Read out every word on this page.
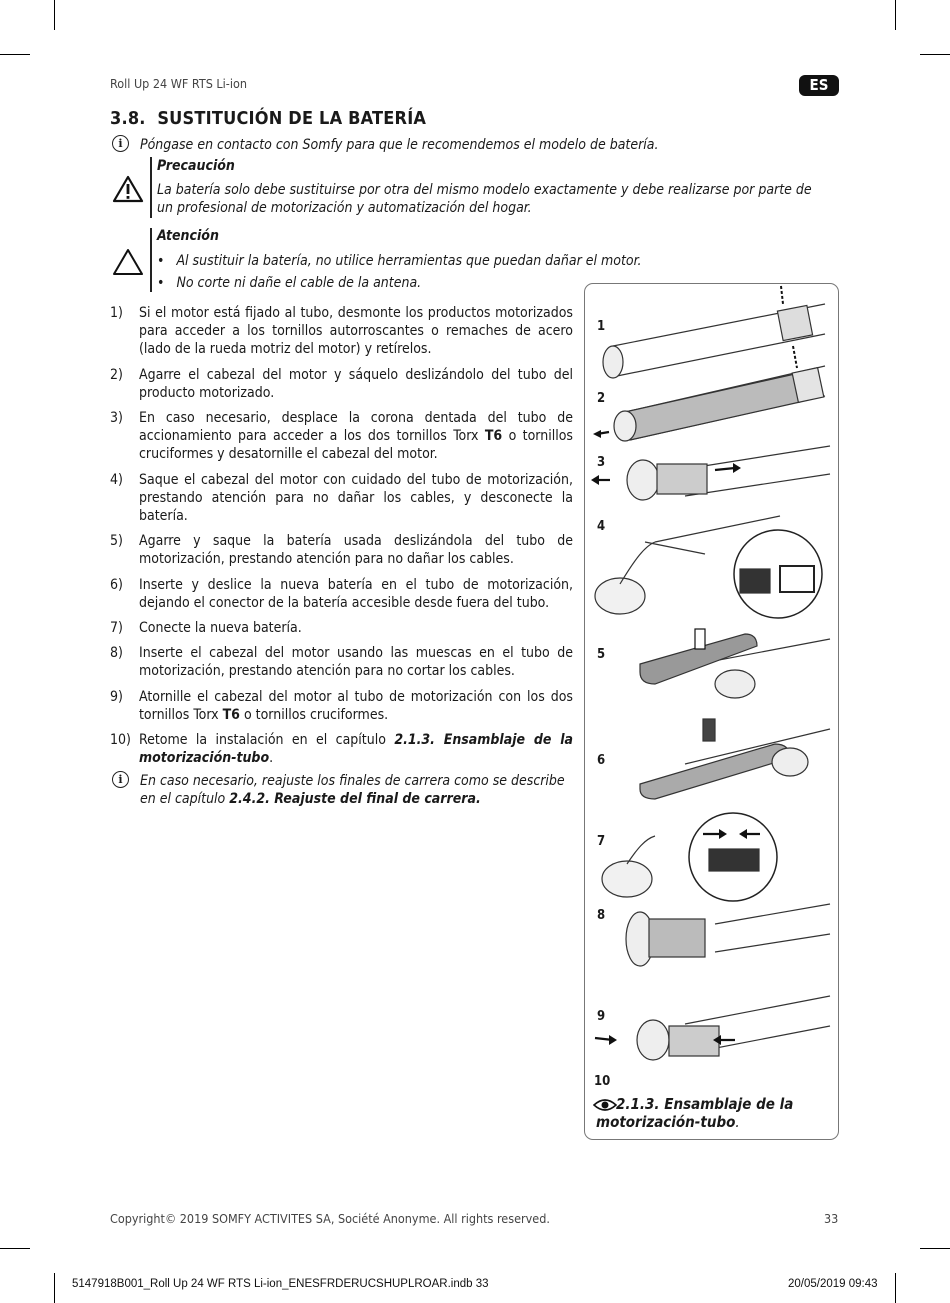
Roll Up 24 WF RTS Li-ion	ES
3.8. SUSTITUCIÓN DE LA BATERÍA
i	Póngase en contacto con Somfy para que le recomendemos el modelo de batería.
Precaución
La batería solo debe sustituirse por otra del mismo modelo exactamente y debe realizarse por parte de un profesional de motorización y automatización del hogar.
Atención
•   Al sustituir la batería, no utilice herramientas que puedan dañar el motor.
•   No corte ni dañe el cable de la antena.
1) Si el motor está fijado al tubo, desmonte los productos motorizados para acceder a los tornillos autorroscantes o remaches de acero (lado de la rueda motriz del motor) y retírelos.
2) Agarre el cabezal del motor y sáquelo deslizándolo del tubo del producto motorizado.
3) En caso necesario, desplace la corona dentada del tubo de accionamiento para acceder a los dos tornillos Torx T6 o tornillos cruciformes y desatornille el cabezal del motor.
4) Saque el cabezal del motor con cuidado del tubo de motorización, prestando atención para no dañar los cables, y desconecte la batería.
5) Agarre y saque la batería usada deslizándola del tubo de motorización, prestando atención para no dañar los cables.
6) Inserte y deslice la nueva batería en el tubo de motorización, dejando el conector de la batería accesible desde fuera del tubo.
7) Conecte la nueva batería.
8) Inserte el cabezal del motor usando las muescas en el tubo de motorización, prestando atención para no cortar los cables.
9) Atornille el cabezal del motor al tubo de motorización con los dos tornillos Torx T6 o tornillos cruciformes.
10) Retome la instalación en el capítulo 2.1.3. Ensamblaje de la motorización-tubo.
i	En caso necesario, reajuste los finales de carrera como se describe en el capítulo 2.4.2. Reajuste del final de carrera.
1
2
3
4
5
6
7
8
9
10
2.1.3. Ensamblaje de la motorización-tubo.
Copyright© 2019 SOMFY ACTIVITES SA, Société Anonyme. All rights reserved.	33
5147918B001_Roll Up 24 WF RTS Li-ion_ENESFRDERUCSHUPLROAR.indb 33	20/05/2019 09:43
